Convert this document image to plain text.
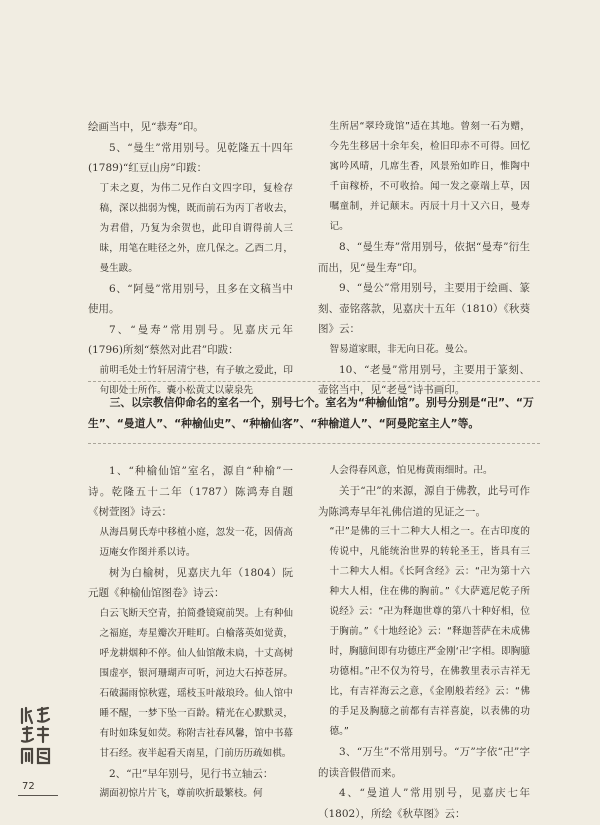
绘画当中，见“恭寿”印。

5、“曼生”常用别号。见乾隆五十四年(1789)“红豆山房”印跋：

丁未之夏，为伟二兄作白文四字印，复检存稿，深以拙弱为愧，既而前石为丙丁者收去，为君借，乃复为余贺也，此印自谓得前人三昧，用笔在畦径之外，庶几保之。乙酉二月，曼生跋。

6、“阿曼”常用别号，且多在文稿当中使用。

7、“曼寿”常用别号。见嘉庆元年(1796)所刻“蔡然对此君”印跋：

前明毛处士竹轩居清宁巷，有子敏之爱此，印句即处士所作。囊小松黄丈以蒙泉先

生所居“翠玲珑馆”适在其地。曾刻一石为赠，今先生移居十余年矣，检旧印赤不可得。回忆寓吟风晴，几席生香，风景殆如昨日，惟陶中千亩稼桥，不可收拾。闻一发之豪端上草，因嘱童制，并记颠末。丙辰十月十又六日，曼寿记。

8、“曼生寿”常用别号，依据“曼寿”衍生而出，见“曼生寿”印。

9、“曼公”常用别号，主要用于绘画、篆刻、壶铭落款，见嘉庆十五年（1810）《秋葵图》云：

智易道家眼，非无向日花。曼公。

10、“老曼”常用别号，主要用于篆刻、壶铭当中，见“老曼”诗书画印。

三、以宗教信仰命名的室名一个，别号七个。室名为“种榆仙馆”。别号分别是“卍”、“万生”、“曼道人”、“种榆仙史”、“种榆仙客”、“种榆道人”、“阿曼陀室主人”等。

1、“种榆仙馆”室名，源自“种榆”一诗。乾隆五十二年（1787）陈鸿寿自题《树萱图》诗云：

从海昌舅氏寿中移植小庭，忽发一花，因倩高迈庵女作图并系以诗。

树为白榆树，见嘉庆九年（1804）阮元题《种榆仙馆图卷》诗云：

白云飞断天空青，拍简叠镜窥前哭。上有种仙之福庭，寿星瓣次开畦町。白榆落英如觉黄，呼龙耕烟种不停。仙人仙馆敞未扃，十丈高树围虚亭，银河珊瑚声可听，河边大石掉苍屏。石破漏雨惊秋霆，瑶枝玉叶敲琅玲。仙人馆中睡不醒，一梦下坠一百龄。精光在心默默灵，有时如珠复如荧。称附吉社春风馨，馆中书幕甘石经。夜半起看天南星，门前历历疏如棋。

2、“卍”早年别号，见行书立轴云：

湖面初惊片片飞，尊前吹折最繁枝。何

人会得春风意，怕见梅黄雨细时。卍。

关于“卍”的来源，源自于佛教，此号可作为陈鸿寿早年礼佛信道的见证之一。

“卍”是佛的三十二种大人相之一。在古印度的传说中，凡能统治世界的转轮圣王，皆具有三十二种大人相。《长阿含经》云：“卍为第十六种大人相，住在佛的胸前。”《大萨遮尼乾子所说经》云：“卍为释迦世尊的第八十种好相，位于胸前。”《十地经论》云：“释迦菩萨在未成佛时，胸臆间即有功德庄严金刚‘卍’字相。即胸臆功德相。”卍不仅为符号，在佛教里表示吉祥无比，有吉祥海云之意，《金刚般若经》云：“佛的手足及胸臆之前都有吉祥喜旋，以表佛的功德。”

3、“万生”不常用别号。“万”字依“卍”字的读音假借而来。

4、“曼道人”常用别号，见嘉庆七年（1802），所绘《秋草图》云：

72
